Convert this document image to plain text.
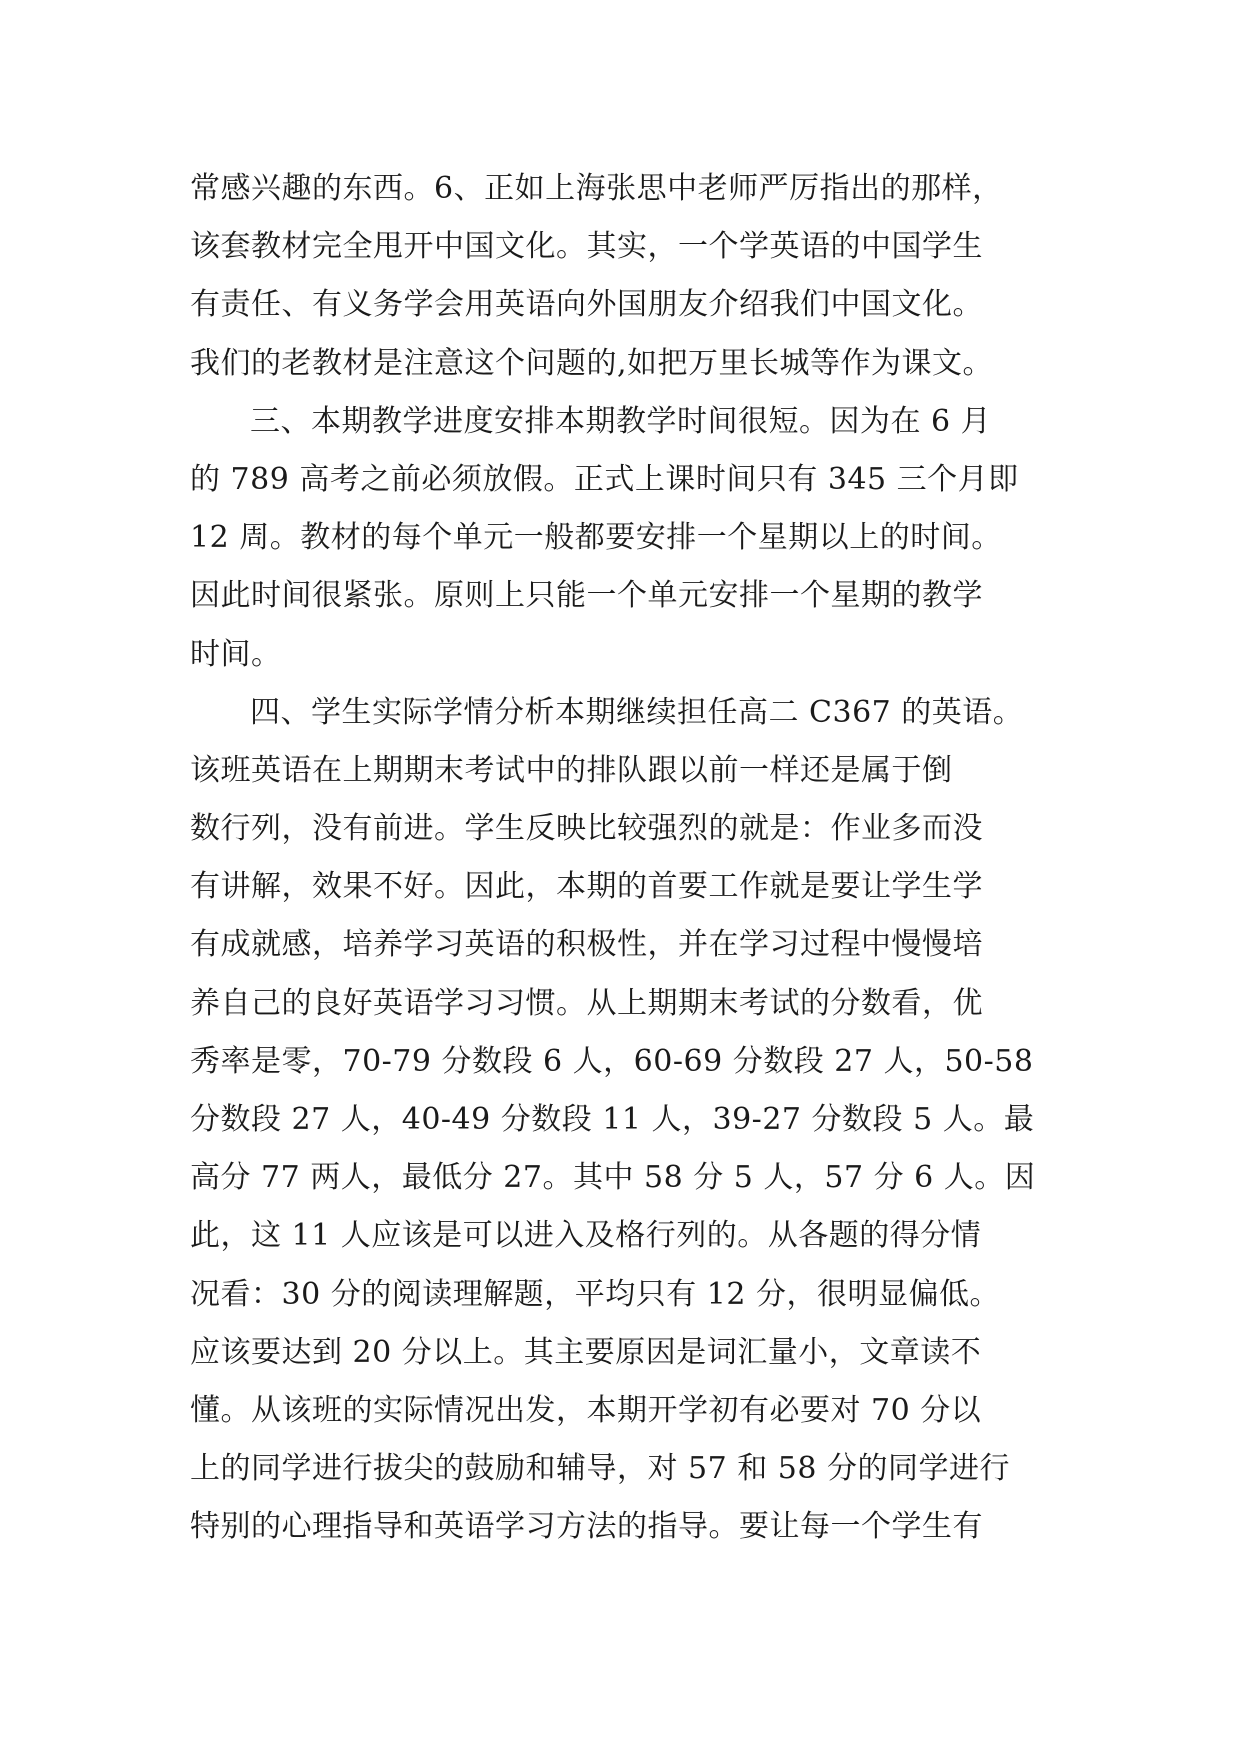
常感兴趣的东西。6、正如上海张思中老师严厉指出的那样，
该套教材完全甩开中国文化。其实，一个学英语的中国学生
有责任、有义务学会用英语向外国朋友介绍我们中国文化。
我们的老教材是注意这个问题的,如把万里长城等作为课文。
三、本期教学进度安排本期教学时间很短。因为在 6 月
的 789 高考之前必须放假。正式上课时间只有 345 三个月即
12 周。教材的每个单元一般都要安排一个星期以上的时间。
因此时间很紧张。原则上只能一个单元安排一个星期的教学
时间。
四、学生实际学情分析本期继续担任高二 C367 的英语。
该班英语在上期期末考试中的排队跟以前一样还是属于倒
数行列，没有前进。学生反映比较强烈的就是：作业多而没
有讲解，效果不好。因此，本期的首要工作就是要让学生学
有成就感，培养学习英语的积极性，并在学习过程中慢慢培
养自己的良好英语学习习惯。从上期期末考试的分数看，优
秀率是零，70-79 分数段 6 人，60-69 分数段 27 人，50-58
分数段 27 人，40-49 分数段 11 人，39-27 分数段 5 人。最
高分 77 两人，最低分 27。其中 58 分 5 人，57 分 6 人。因
此，这 11 人应该是可以进入及格行列的。从各题的得分情
况看：30 分的阅读理解题，平均只有 12 分，很明显偏低。
应该要达到 20 分以上。其主要原因是词汇量小，文章读不
懂。从该班的实际情况出发，本期开学初有必要对 70 分以
上的同学进行拔尖的鼓励和辅导，对 57 和 58 分的同学进行
特别的心理指导和英语学习方法的指导。要让每一个学生有
